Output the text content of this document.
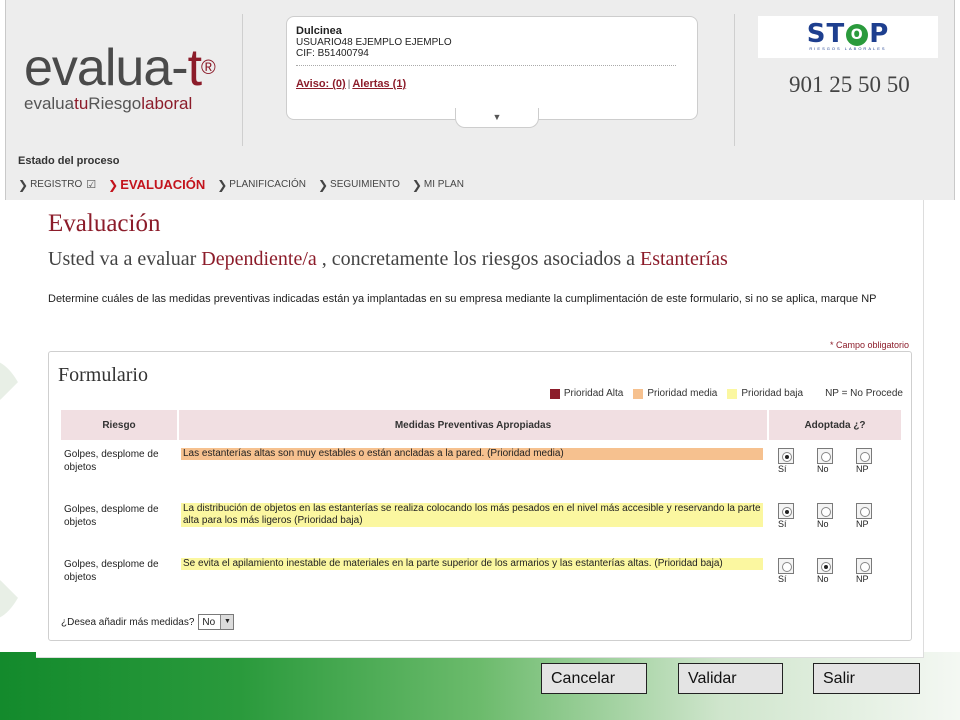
evalua-t®
evaluatuRiesgolaboral
Dulcinea
USUARIO48 EJEMPLO EJEMPLO
CIF: B51400794
Aviso: (0) | Alertas (1)
▼
ST O P
RIESGOS LABORALES
901 25 50 50
Estado del proceso
❯ REGISTRO ☑ ❯ EVALUACIÓN ❯ PLANIFICACIÓN ❯ SEGUIMIENTO ❯ MI PLAN
Evaluación
Usted va a evaluar Dependiente/a , concretamente los riesgos asociados a Estanterías
Determine cuáles de las medidas preventivas indicadas están ya implantadas en su empresa mediante la cumplimentación de este formulario, si no se aplica, marque NP
* Campo obligatorio
Formulario
Prioridad Alta Prioridad media Prioridad baja NP = No Procede
Riesgo	Medidas Preventivas Apropiadas	Adoptada ¿?
Golpes, desplome de objetos	Las estanterías altas son muy estables o están ancladas a la pared. (Prioridad media)	Sí No NP

Golpes, desplome de objetos	La distribución de objetos en las estanterías se realiza colocando los más pesados en el nivel más accesible y reservando la parte alta para los más ligeros (Prioridad baja)	Sí No NP

Golpes, desplome de objetos	Se evita el apilamiento inestable de materiales en la parte superior de los armarios y las estanterías altas. (Prioridad baja)	Sí No NP
¿Desea añadir más medidas? No	▼
Cancelar	Validar	Salir
